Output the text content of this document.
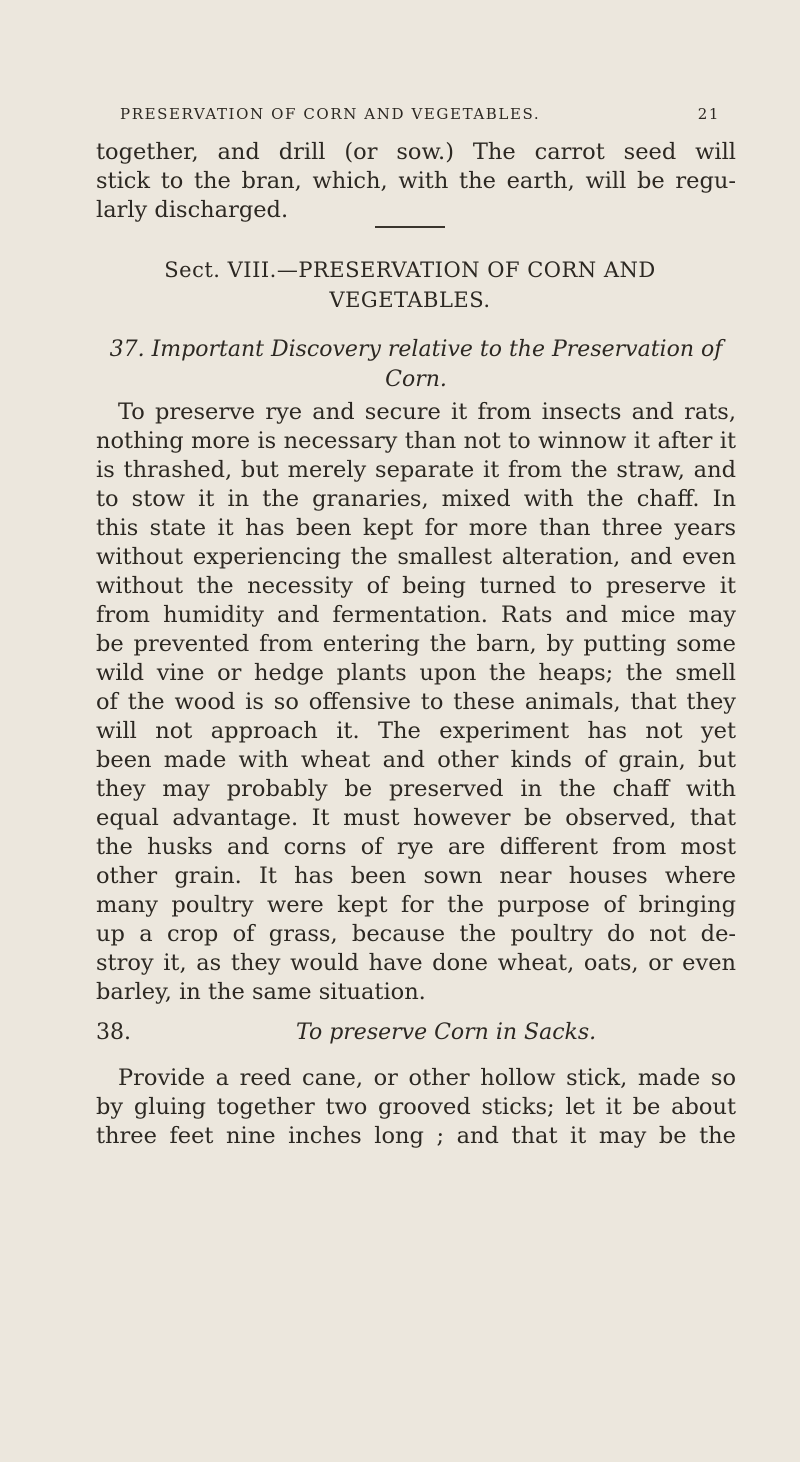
PRESERVATION OF CORN AND VEGETABLES.	21
together, and drill (or sow.) The carrot seed will
stick to the bran, which, with the earth, will be regu-
larly discharged.
Sect. VIII.—PRESERVATION OF CORN AND
VEGETABLES.
37. Important Discovery relative to the Preservation of
Corn.
To preserve rye and secure it from insects and rats,
nothing more is necessary than not to winnow it after it
is thrashed, but merely separate it from the straw, and
to stow it in the granaries, mixed with the chaff. In
this state it has been kept for more than three years
without experiencing the smallest alteration, and even
without the necessity of being turned to preserve it
from humidity and fermentation. Rats and mice may
be prevented from entering the barn, by putting some
wild vine or hedge plants upon the heaps; the smell
of the wood is so offensive to these animals, that they
will not approach it. The experiment has not yet
been made with wheat and other kinds of grain, but
they may probably be preserved in the chaff with
equal advantage. It must however be observed, that
the husks and corns of rye are different from most
other grain. It has been sown near houses where
many poultry were kept for the purpose of bringing
up a crop of grass, because the poultry do not de-
stroy it, as they would have done wheat, oats, or even
barley, in the same situation.
38.	To preserve Corn in Sacks.
Provide a reed cane, or other hollow stick, made so
by gluing together two grooved sticks; let it be about
three feet nine inches long ; and that it may be the
